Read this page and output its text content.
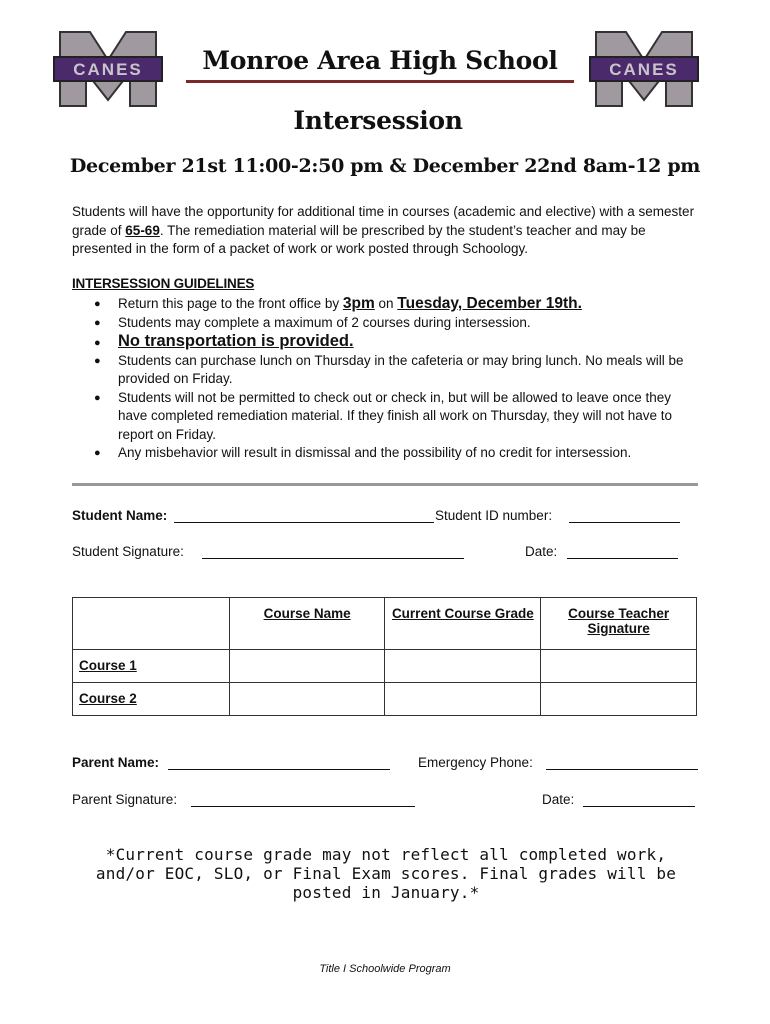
CANES	CANES
Monroe Area High School
Intersession
December 21st 11:00-2:50 pm & December 22nd 8am-12 pm

Students will have the opportunity for additional time in courses (academic and elective) with a semester grade of 65-69. The remediation material will be prescribed by the student’s teacher and may be presented in the form of a packet of work or work posted through Schoology.

INTERSESSION GUIDELINES
● Return this page to the front office by 3pm on Tuesday, December 19th.
● Students may complete a maximum of 2 courses during intersession.
● No transportation is provided.
● Students can purchase lunch on Thursday in the cafeteria or may bring lunch. No meals will be provided on Friday.
● Students will not be permitted to check out or check in, but will be allowed to leave once they have completed remediation material. If they finish all work on Thursday, they will not have to report on Friday.
● Any misbehavior will result in dismissal and the possibility of no credit for intersession.
Student Name:	Student ID number:
Student Signature:	Date:
	Course Name	Current Course Grade	Course Teacher Signature
Course 1			
Course 2			
Parent Name:	Emergency Phone:
Parent Signature:	Date:
*Current course grade may not reflect all completed work, and/or EOC, SLO, or Final Exam scores. Final grades will be posted in January.*
Title I Schoolwide Program
